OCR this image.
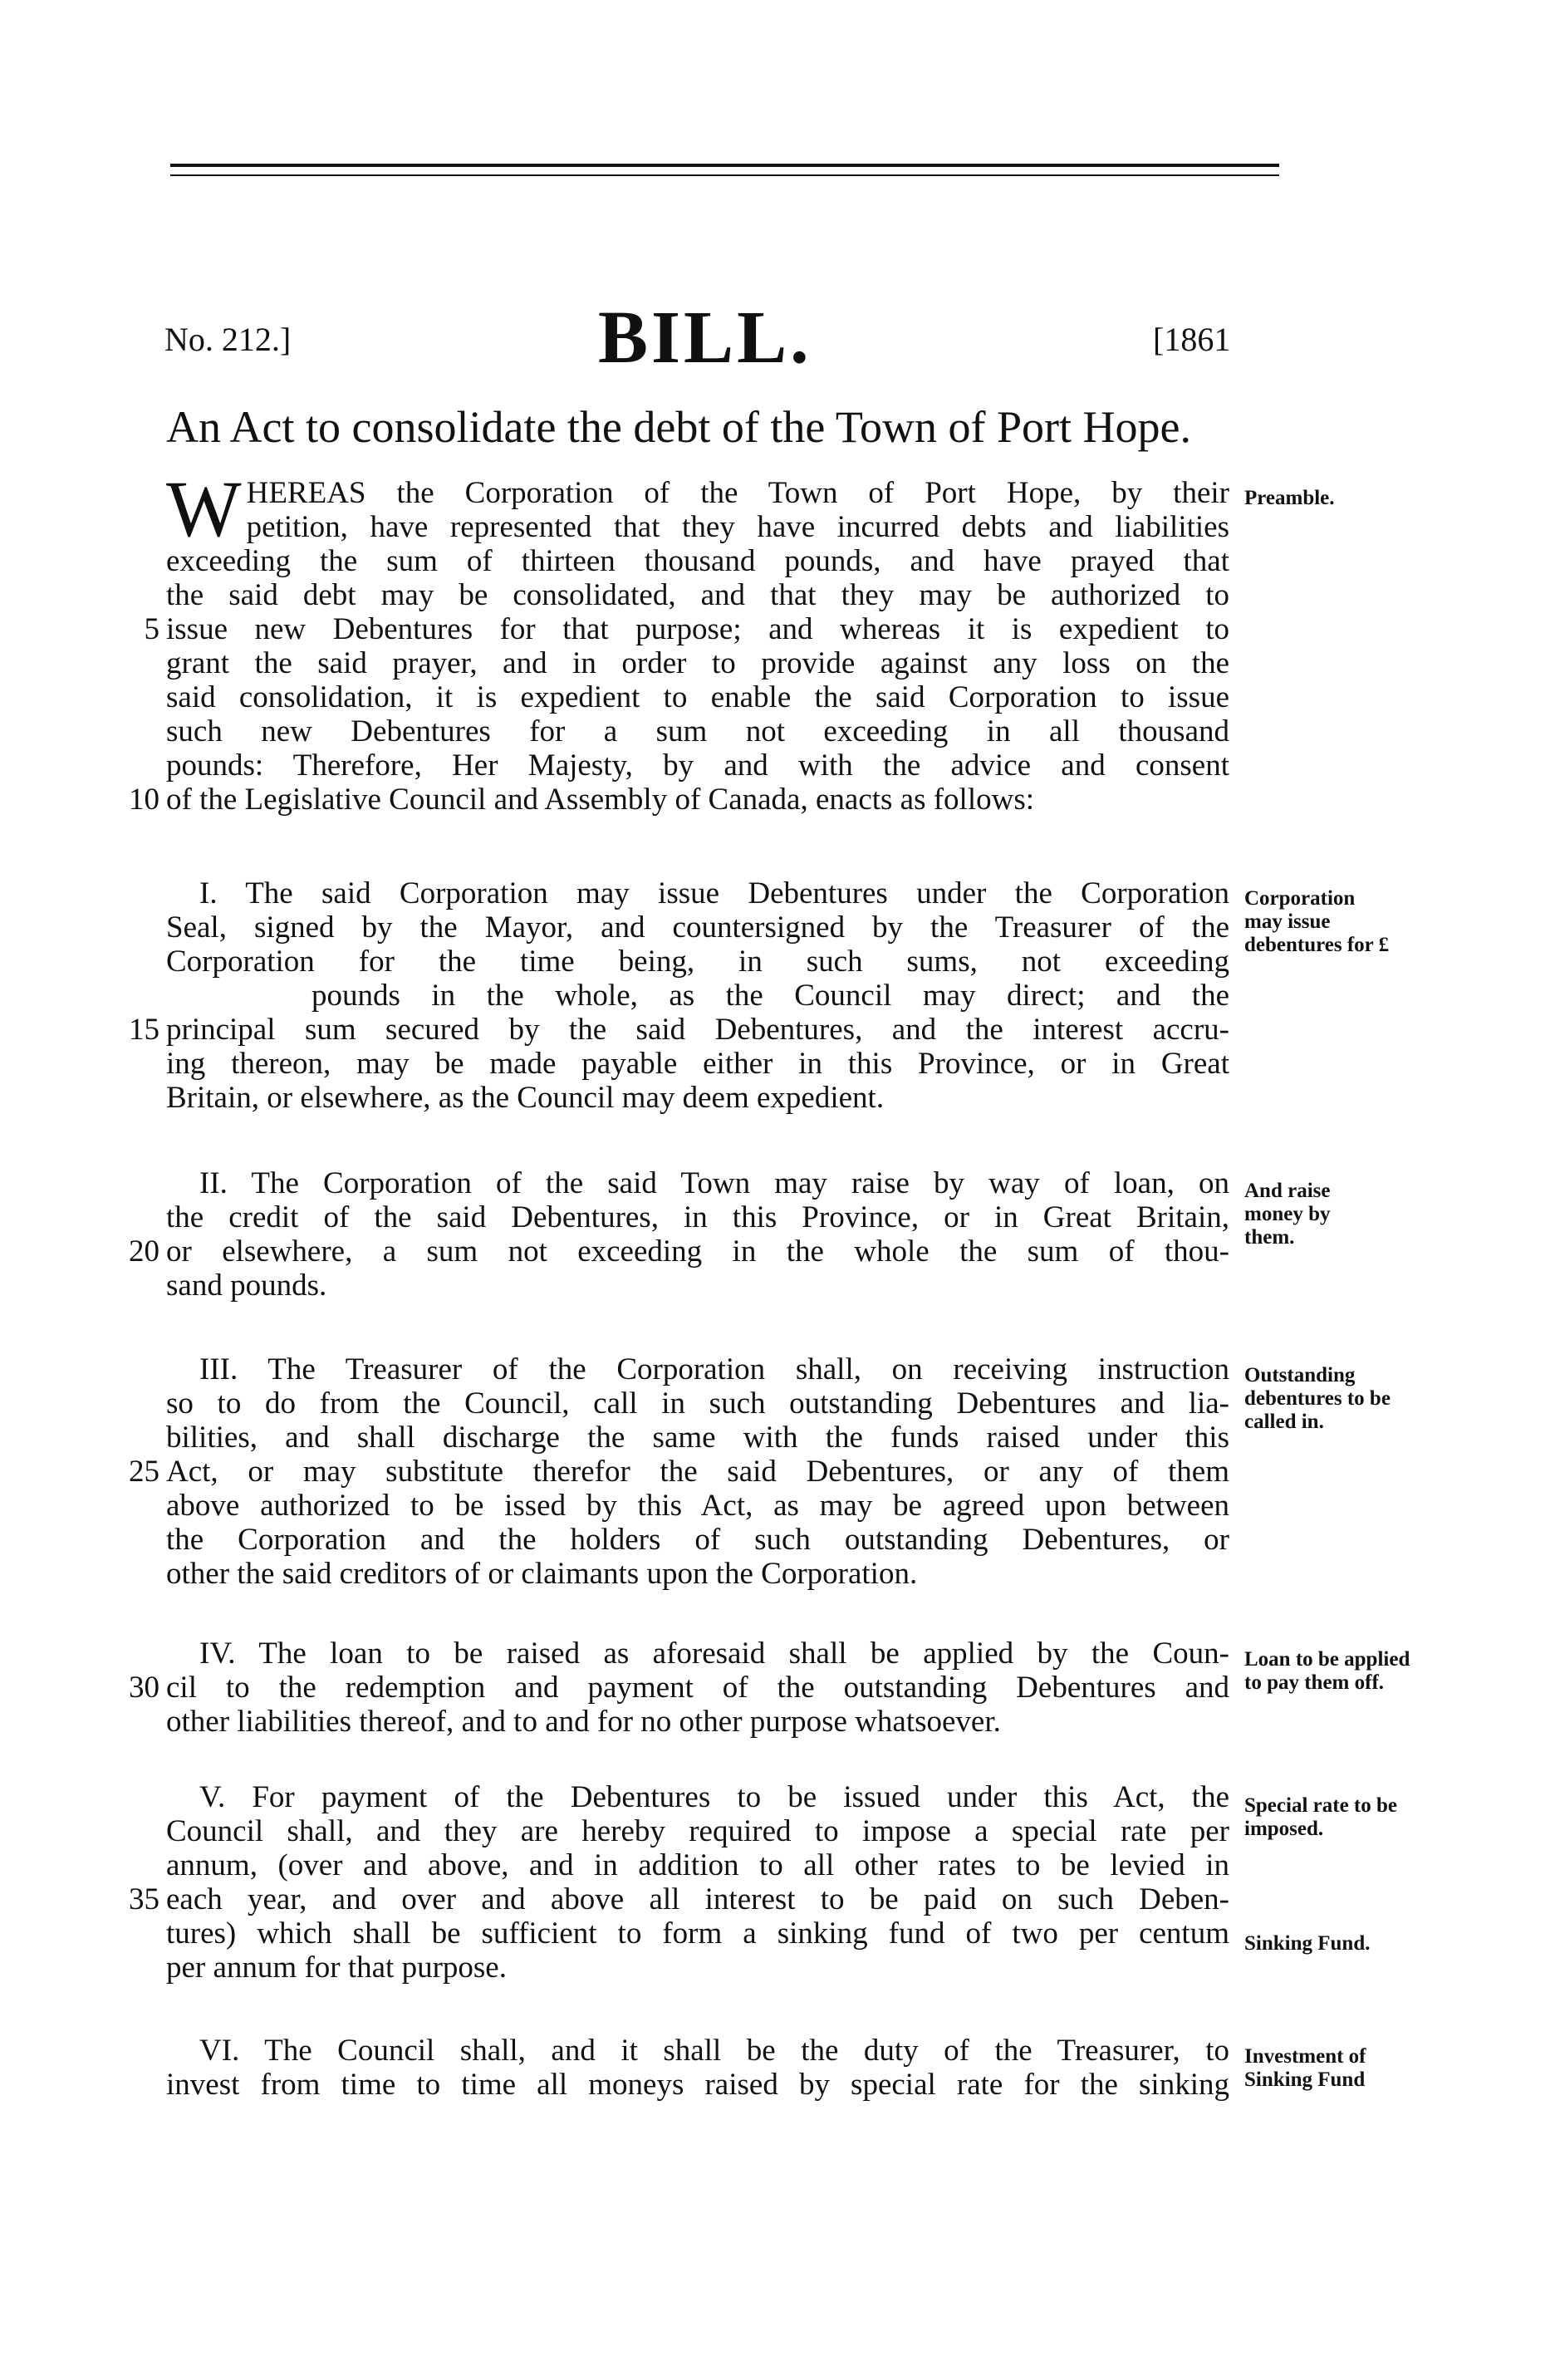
No. 212.]	BILL.	[1861
An Act to consolidate the debt of the Town of Port Hope.
W HEREAS the Corporation of the Town of Port Hope, by their
petition, have represented that they have incurred debts and liabilities
exceeding the sum of thirteen thousand pounds, and have prayed that
the said debt may be consolidated, and that they may be authorized to
issue new Debentures for that purpose; and whereas it is expedient to
grant the said prayer, and in order to provide against any loss on the
said consolidation, it is expedient to enable the said Corporation to issue
such new Debentures for a sum not exceeding in all thousand
pounds: Therefore, Her Majesty, by and with the advice and consent
of the Legislative Council and Assembly of Canada, enacts as follows:
I. The said Corporation may issue Debentures under the Corporation
Seal, signed by the Mayor, and countersigned by the Treasurer of the
Corporation for the time being, in such sums, not exceeding
pounds in the whole, as the Council may direct; and the
principal sum secured by the said Debentures, and the interest accru-
ing thereon, may be made payable either in this Province, or in Great
Britain, or elsewhere, as the Council may deem expedient.
II. The Corporation of the said Town may raise by way of loan, on
the credit of the said Debentures, in this Province, or in Great Britain,
or elsewhere, a sum not exceeding in the whole the sum of thou-
sand pounds.
III. The Treasurer of the Corporation shall, on receiving instruction
so to do from the Council, call in such outstanding Debentures and lia-
bilities, and shall discharge the same with the funds raised under this
Act, or may substitute therefor the said Debentures, or any of them
above authorized to be issed by this Act, as may be agreed upon between
the Corporation and the holders of such outstanding Debentures, or
other the said creditors of or claimants upon the Corporation.
IV. The loan to be raised as aforesaid shall be applied by the Coun-
cil to the redemption and payment of the outstanding Debentures and
other liabilities thereof, and to and for no other purpose whatsoever.
V. For payment of the Debentures to be issued under this Act, the
Council shall, and they are hereby required to impose a special rate per
annum, (over and above, and in addition to all other rates to be levied in
each year, and over and above all interest to be paid on such Deben-
tures) which shall be sufficient to form a sinking fund of two per centum
per annum for that purpose.
VI. The Council shall, and it shall be the duty of the Treasurer, to
invest from time to time all moneys raised by special rate for the sinking
5
10
15
20
25
30
35
Preamble.
Corporation may issue debentures for £
And raise money by them.
Outstanding debentures to be called in.
Loan to be applied to pay them off.
Special rate to be imposed.
Sinking Fund.
Investment of Sinking Fund
